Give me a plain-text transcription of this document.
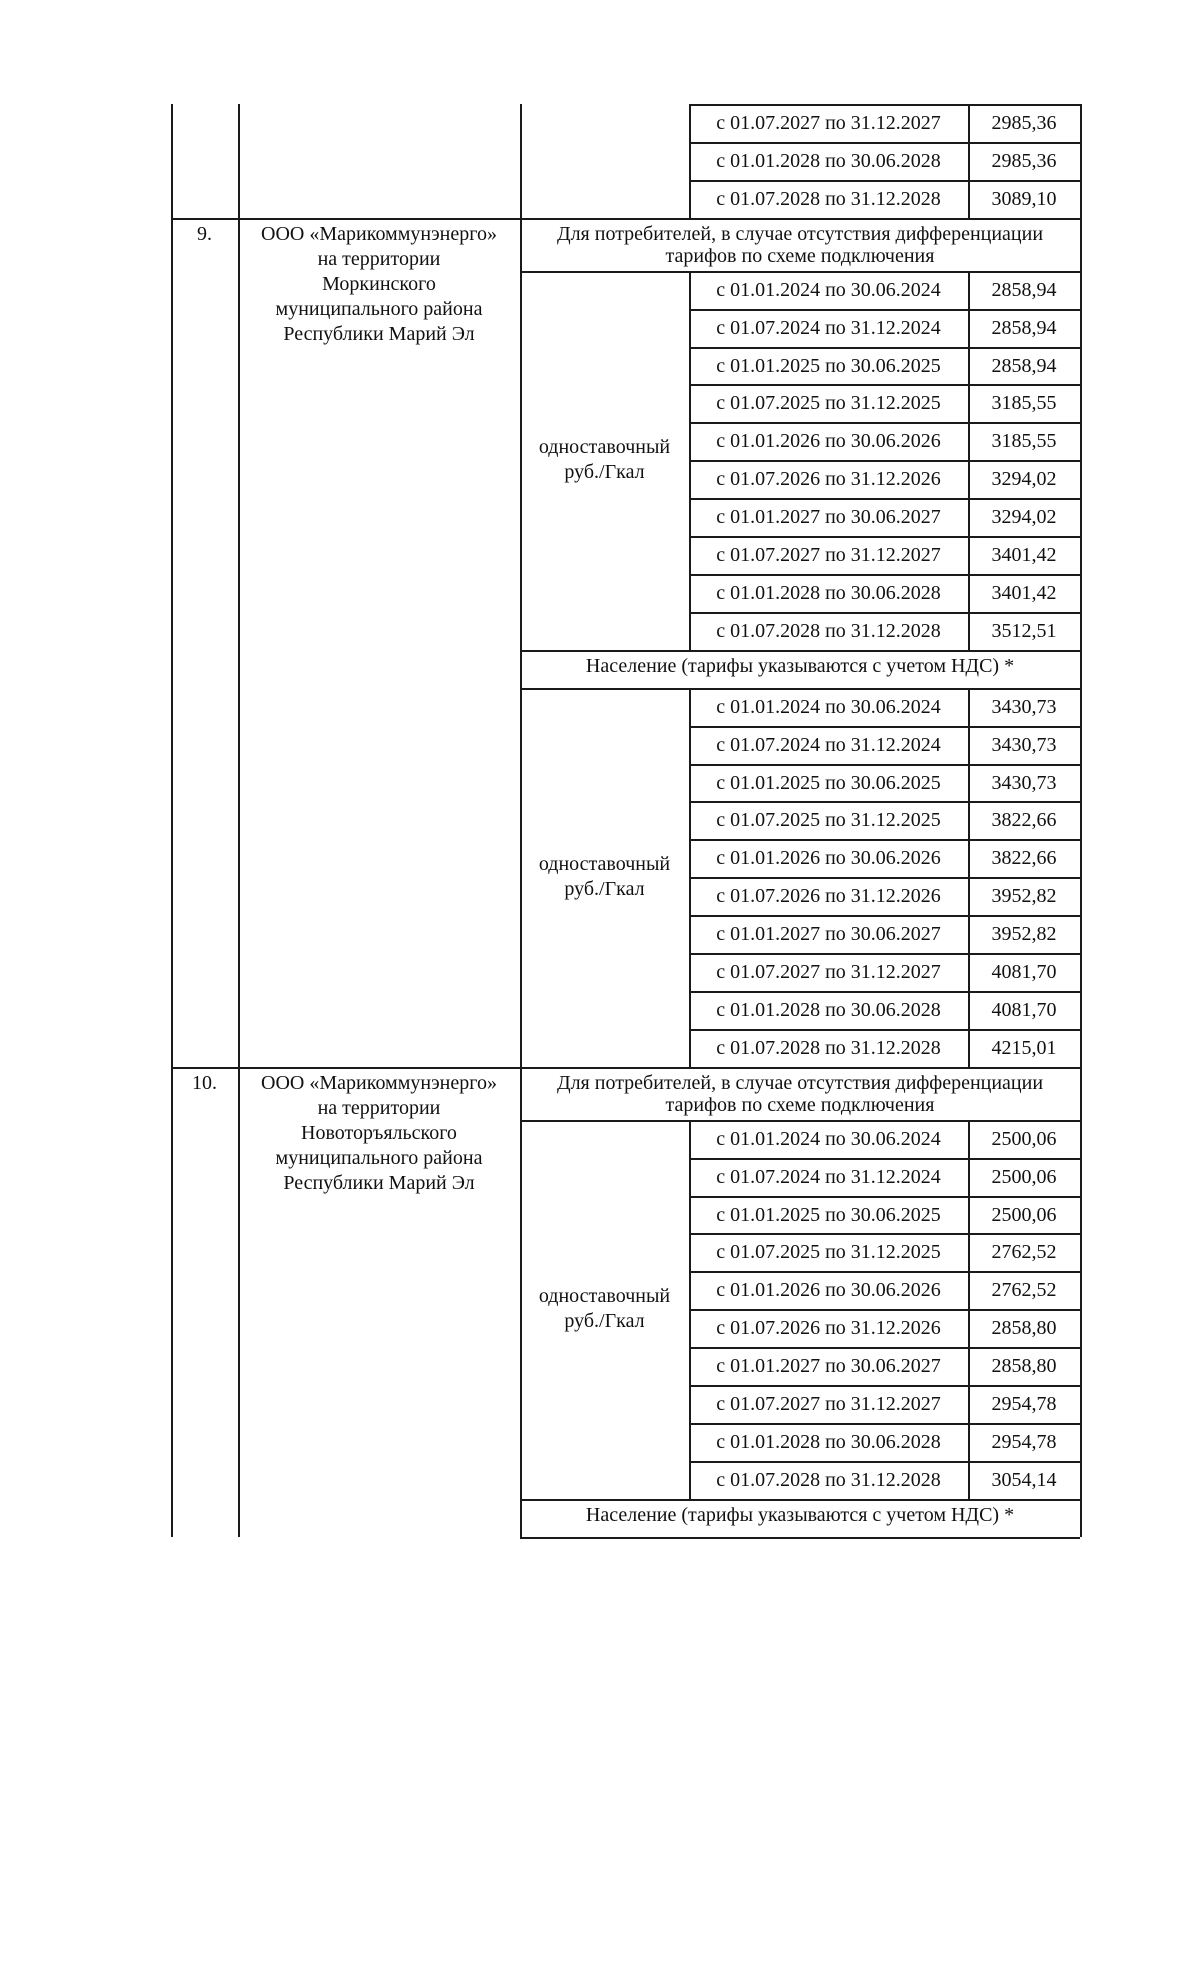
с 01.07.2027 по 31.12.2027	2985,36
с 01.01.2028 по 30.06.2028	2985,36
с 01.07.2028 по 31.12.2028	3089,10
9.	ООО «Марикоммунэнерго»
на территории
Моркинского
муниципального района
Республики Марий Эл
Для потребителей, в случае отсутствия дифференциации
тарифов по схеме подключения
с 01.01.2024 по 30.06.2024	2858,94
с 01.07.2024 по 31.12.2024	2858,94
с 01.01.2025 по 30.06.2025	2858,94
с 01.07.2025 по 31.12.2025	3185,55
с 01.01.2026 по 30.06.2026	3185,55
с 01.07.2026 по 31.12.2026	3294,02
с 01.01.2027 по 30.06.2027	3294,02
с 01.07.2027 по 31.12.2027	3401,42
с 01.01.2028 по 30.06.2028	3401,42
с 01.07.2028 по 31.12.2028	3512,51
одноставочный
руб./Гкал
Население (тарифы указываются с учетом НДС) *
с 01.01.2024 по 30.06.2024	3430,73
с 01.07.2024 по 31.12.2024	3430,73
с 01.01.2025 по 30.06.2025	3430,73
с 01.07.2025 по 31.12.2025	3822,66
с 01.01.2026 по 30.06.2026	3822,66
с 01.07.2026 по 31.12.2026	3952,82
с 01.01.2027 по 30.06.2027	3952,82
с 01.07.2027 по 31.12.2027	4081,70
с 01.01.2028 по 30.06.2028	4081,70
с 01.07.2028 по 31.12.2028	4215,01
одноставочный
руб./Гкал
10.	ООО «Марикоммунэнерго»
на территории
Новоторъяльского
муниципального района
Республики Марий Эл
Для потребителей, в случае отсутствия дифференциации
тарифов по схеме подключения
с 01.01.2024 по 30.06.2024	2500,06
с 01.07.2024 по 31.12.2024	2500,06
с 01.01.2025 по 30.06.2025	2500,06
с 01.07.2025 по 31.12.2025	2762,52
с 01.01.2026 по 30.06.2026	2762,52
с 01.07.2026 по 31.12.2026	2858,80
с 01.01.2027 по 30.06.2027	2858,80
с 01.07.2027 по 31.12.2027	2954,78
с 01.01.2028 по 30.06.2028	2954,78
с 01.07.2028 по 31.12.2028	3054,14
одноставочный
руб./Гкал
Население (тарифы указываются с учетом НДС) *
